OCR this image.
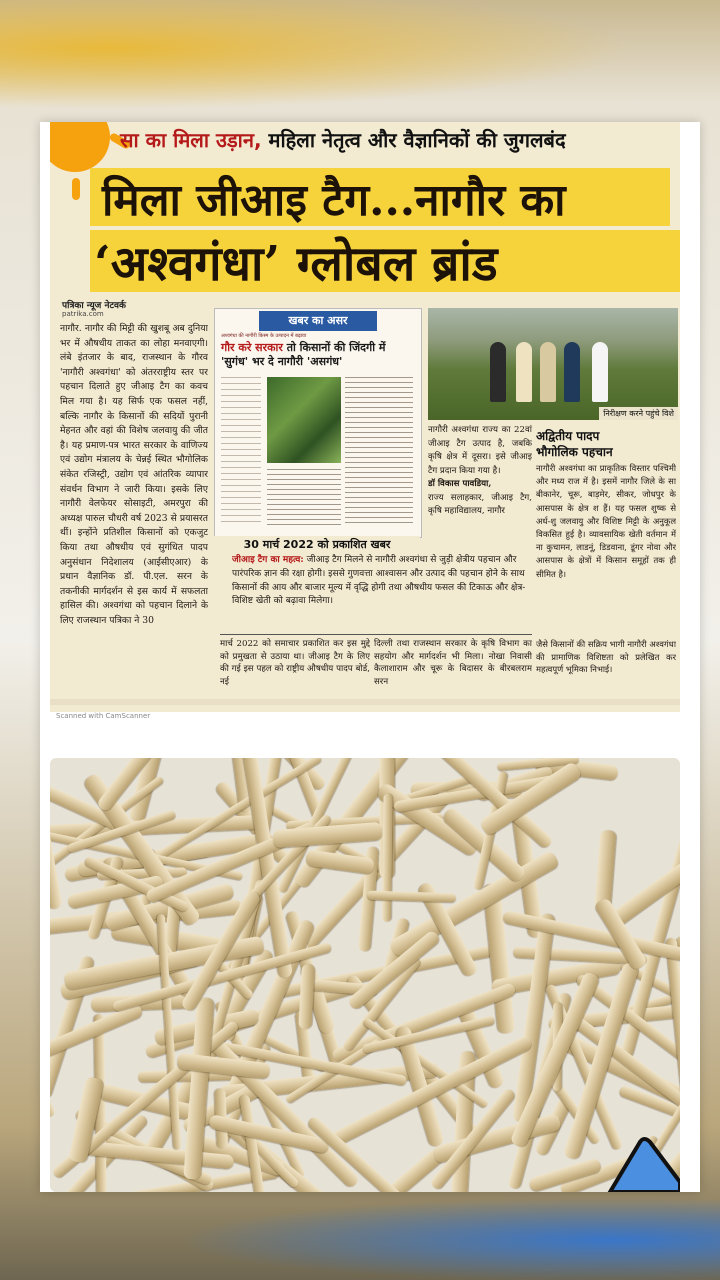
सा का मिला उड़ान, महिला नेतृत्व और वैज्ञानिकों की जुगलबंद
मिला जीआइ टैग...नागौर का
‘अश्वगंधा’ ग्लोबल ब्रांड
पत्रिका न्यूज नेटवर्क
patrika.com
नागौर. नागौर की मिट्टी की खुशबू अब दुनिया भर में औषधीय ताकत का लोहा मनवाएगी। लंबे इंतजार के बाद, राजस्थान के गौरव 'नागौरी अश्वगंधा' को अंतरराष्ट्रीय स्तर पर पहचान दिलाते हुए जीआइ टैग का कवच मिल गया है। यह सिर्फ एक फसल नहीं, बल्कि नागौर के किसानों की सदियों पुरानी मेहनत और वहां की विशेष जलवायु की जीत है। यह प्रमाण-पत्र भारत सरकार के वाणिज्य एवं उद्योग मंत्रालय के चेन्नई स्थित भौगोलिक संकेत रजिस्ट्री, उद्योग एवं आंतरिक व्यापार संवर्धन विभाग ने जारी किया। इसके लिए नागौरी वेलफेयर सोसाइटी, अमरपुरा की अध्यक्ष पारुल चौधरी वर्ष 2023 से प्रयासरत थीं। इन्होंने प्रतिशील किसानों को एकजुट किया तथा औषधीय एवं सुगंधित पादप अनुसंधान निदेशालय (आईसीएआर) के प्रधान वैज्ञानिक डॉ. पी.एल. सरन के तकनीकी मार्गदर्शन से इस कार्य में सफलता हासिल की। अश्वगंधा को पहचान दिलाने के लिए राजस्थान पत्रिका ने 30
खबर का असर
अश्वगंधा की नागौरी किस्म के उत्पादन में बढ़ावा
गौर करे सरकार तो किसानों की जिंदगी में 'सुगंध' भर दे नागौरी 'असगंध'
30 मार्च 2022 को प्रकाशित खबर
निरीक्षण करने पहुंचे विशे
नागौरी अश्वगंधा राज्य का 22वां जीआइ टैग उत्पाद है, जबकि कृषि क्षेत्र में दूसरा। इसे जीआइ टैग प्रदान किया गया है।
डॉ विकास पावडिया,
राज्य सलाहकार, जीआइ टैग, कृषि महाविद्यालय, नागौर
अद्वितीय पादप
भौगोलिक पहचान
नागौरी अश्वगंधा का प्राकृतिक विस्तार पश्चिमी और मध्य राज में है। इसमें नागौर जिले के सा बीकानेर, चूरू, बाड़मेर, सीकर, जोधपुर के आसपास के क्षेत्र श हैं। यह फसल शुष्क से अर्ध-शु जलवायु और विशिष्ट मिट्टी के अनुकूल विकसित हुई है। व्यावसायिक खेती वर्तमान में ना कुचामन, लाडनूं, डिडवाना, डूंगर नोवा और आसपास के क्षेत्रों में किसान समूहों तक ही सीमित है।
जीआइ टैग का महत्व: जीआइ टैग मिलने से नागौरी अश्वगंधा से जुड़ी क्षेत्रीय पहचान और पारंपरिक ज्ञान की रक्षा होगी। इससे गुणवत्ता आश्वासन और उत्पाद की पहचान होने के साथ किसानों की आय और बाजार मूल्य में वृद्धि होगी तथा औषधीय फसल की टिकाऊ और क्षेत्र-विशिष्ट खेती को बढ़ावा मिलेगा।
मार्च 2022 को समाचार प्रकाशित कर इस मुद्दे को प्रमुखता से उठाया था। जीआइ टैग के लिए की गई इस पहल को राष्ट्रीय औषधीय पादप बोर्ड, नई
दिल्ली तथा राजस्थान सरकार के कृषि विभाग का सहयोग और मार्गदर्शन भी मिला। नोखा निवासी कैलाशाराम और चूरू के बिदासर के बीरबलराम सरन
जैसे किसानों की सक्रिय भागी नागौरी अश्वगंधा की प्रामाणिक विशिष्टता को प्रलेखित कर महत्वपूर्ण भूमिका निभाई।
Scanned with CamScanner
